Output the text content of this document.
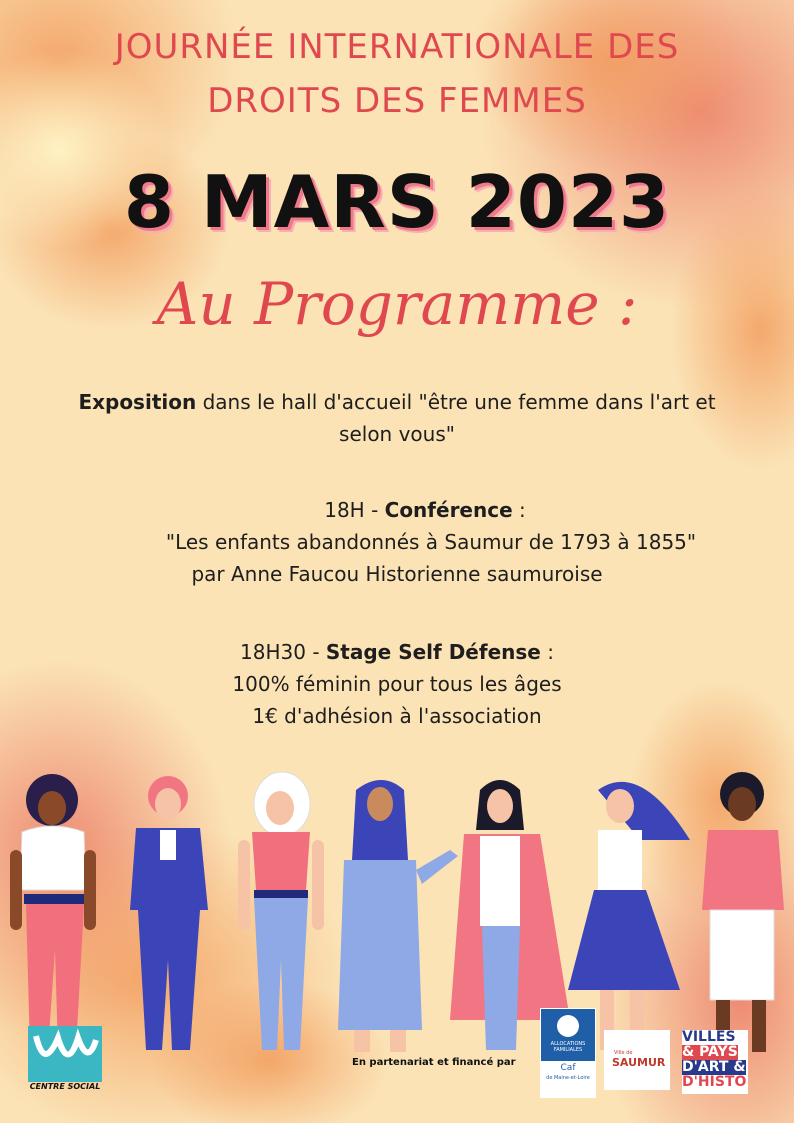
JOURNÉE INTERNATIONALE DES
DROITS DES FEMMES
8 MARS 2023
Au Programme :
Exposition dans le hall d'accueil "être une femme dans l'art et
selon vous"
18H - Conférence :
"Les enfants abandonnés à Saumur de 1793 à 1855"
par Anne Faucou Historienne saumuroise
18H30 - Stage Self Défense :
100% féminin pour tous les âges
1€ d'adhésion à l'association
CENTRE SOCIAL
En partenariat et financé par
ALLOCATIONS FAMILIALES
Caf
de Maine-et-Loire
Ville de
SAUMUR
VILLES
& PAYS
D'ART &
D'HISTO
